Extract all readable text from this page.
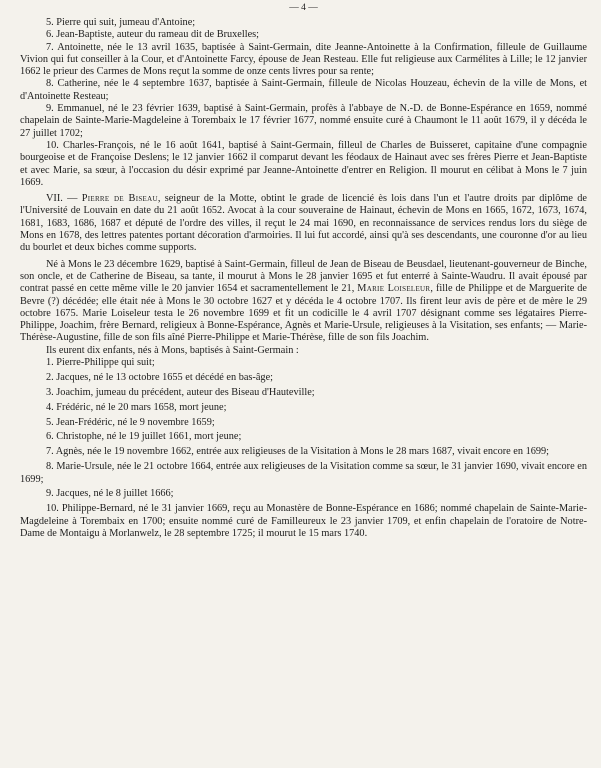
— 4 —

5. Pierre qui suit, jumeau d'Antoine;

6. Jean-Baptiste, auteur du rameau dit de Bruxelles;

7. Antoinette, née le 13 avril 1635, baptisée à Saint-Germain, dite Jeanne-Antoinette à la Confirmation, filleule de Guillaume Vivion qui fut conseiller à la Cour, et d'Antoinette Farcy, épouse de Jean Resteau. Elle fut religieuse aux Carmélites à Lille; le 12 janvier 1662 le prieur des Carmes de Mons reçut la somme de onze cents livres pour sa rente;

8. Catherine, née le 4 septembre 1637, baptisée à Saint-Germain, filleule de Nicolas Houzeau, échevin de la ville de Mons, et d'Antoinette Resteau;

9. Emmanuel, né le 23 février 1639, baptisé à Saint-Germain, profès à l'abbaye de N.-D. de Bonne-Espérance en 1659, nommé chapelain de Sainte-Marie-Magdeleine à Torembaix le 17 février 1677, nommé ensuite curé à Chaumont le 11 août 1679, il y décéda le 27 juillet 1702;

10. Charles-François, né le 16 août 1641, baptisé à Saint-Germain, filleul de Charles de Buisseret, capitaine d'une compagnie bourgeoise et de Françoise Deslens; le 12 janvier 1662 il comparut devant les féodaux de Hainaut avec ses frères Pierre et Jean-Baptiste et avec Marie, sa sœur, à l'occasion du désir exprimé par Jeanne-Antoinette d'entrer en Religion. Il mourut en célibat à Mons le 7 juin 1669.

VII. — Pierre de Biseau, seigneur de la Motte, obtint le grade de licencié ès lois dans l'un et l'autre droits par diplôme de l'Université de Louvain en date du 21 août 1652. Avocat à la cour souveraine de Hainaut, échevin de Mons en 1665, 1672, 1673, 1674, 1681, 1683, 1686, 1687 et député de l'ordre des villes, il reçut le 24 mai 1690, en reconnaissance de services rendus lors du siège de Mons en 1678, des lettres patentes portant décoration d'armoiries. Il lui fut accordé, ainsi qu'à ses descendants, une couronne d'or au lieu du bourlet et deux biches comme supports.

Né à Mons le 23 décembre 1629, baptisé à Saint-Germain, filleul de Jean de Biseau de Beusdael, lieutenant-gouverneur de Binche, son oncle, et de Catherine de Biseau, sa tante, il mourut à Mons le 28 janvier 1695 et fut enterré à Sainte-Waudru. Il avait épousé par contrat passé en cette même ville le 20 janvier 1654 et sacramentellement le 21, Marie Loiseleur, fille de Philippe et de Marguerite de Bevre (?) décédée; elle était née à Mons le 30 octobre 1627 et y décéda le 4 octobre 1707. Ils firent leur avis de père et de mère le 29 octobre 1675. Marie Loiseleur testa le 26 novembre 1699 et fit un codicille le 4 avril 1707 désignant comme ses légataires Pierre-Philippe, Joachim, frère Bernard, religieux à Bonne-Espérance, Agnès et Marie-Ursule, religieuses à la Visitation, ses enfants; — Marie-Thérèse-Augustine, fille de son fils aîné Pierre-Philippe et Marie-Thérèse, fille de son fils Joachim.

Ils eurent dix enfants, nés à Mons, baptisés à Saint-Germain :

1. Pierre-Philippe qui suit;
2. Jacques, né le 13 octobre 1655 et décédé en bas-âge;
3. Joachim, jumeau du précédent, auteur des Biseau d'Hauteville;
4. Frédéric, né le 20 mars 1658, mort jeune;
5. Jean-Frédéric, né le 9 novembre 1659;
6. Christophe, né le 19 juillet 1661, mort jeune;
7. Agnès, née le 19 novembre 1662, entrée aux religieuses de la Visitation à Mons le 28 mars 1687, vivait encore en 1699;
8. Marie-Ursule, née le 21 octobre 1664, entrée aux religieuses de la Visitation comme sa sœur, le 31 janvier 1690, vivait encore en 1699;
9. Jacques, né le 8 juillet 1666;
10. Philippe-Bernard, né le 31 janvier 1669, reçu au Monastère de Bonne-Espérance en 1686; nommé chapelain de Sainte-Marie-Magdeleine à Torembaix en 1700; ensuite nommé curé de Familleureux le 23 janvier 1709, et enfin chapelain de l'oratoire de Notre-Dame de Montaigu à Morlanwelz, le 28 septembre 1725; il mourut le 15 mars 1740.
